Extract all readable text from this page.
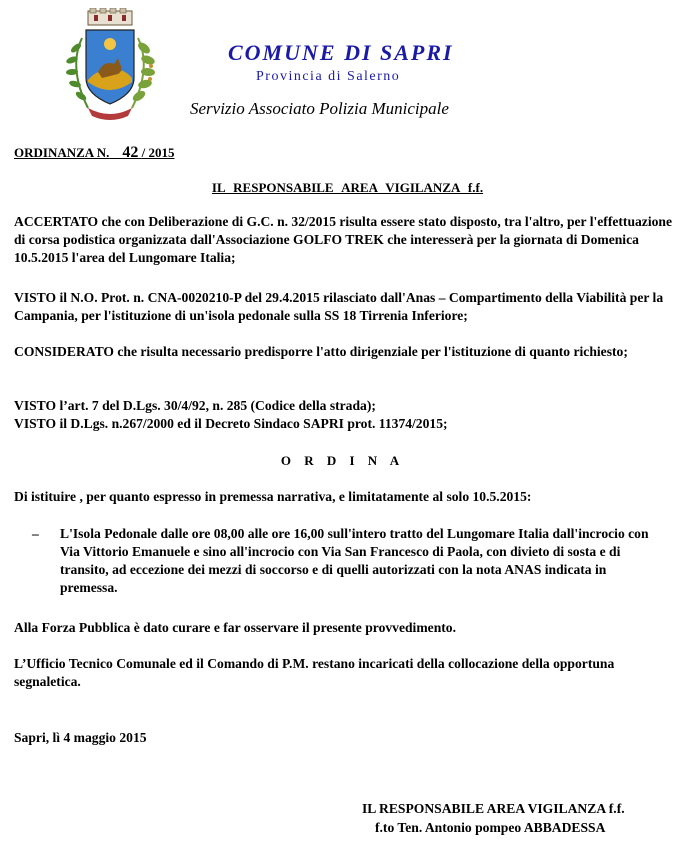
COMUNE DI SAPRI
Provincia di Salerno
Servizio Associato Polizia Municipale
ORDINANZA N.  _42 / 2015
IL RESPONSABILE AREA VIGILANZA f.f.

ACCERTATO che con Deliberazione di G.C. n. 32/2015 risulta essere stato disposto, tra l'altro, per l'effettuazione di corsa podistica organizzata dall'Associazione GOLFO TREK che interesserà per la giornata di Domenica 10.5.2015 l'area del Lungomare Italia;

VISTO il N.O. Prot. n. CNA-0020210-P del 29.4.2015 rilasciato dall'Anas – Compartimento della Viabilità per la Campania, per l'istituzione di un'isola pedonale sulla SS 18 Tirrenia Inferiore;

CONSIDERATO che risulta necessario predisporre l'atto dirigenziale per l'istituzione di quanto richiesto;

VISTO l’art. 7 del D.Lgs. 30/4/92, n. 285 (Codice della strada);

VISTO il D.Lgs. n.267/2000 ed il Decreto Sindaco SAPRI prot. 11374/2015;

O R D I N A

Di istituire , per quanto espresso in premessa narrativa, e limitatamente al solo 10.5.2015:

– L'Isola Pedonale dalle ore 08,00 alle ore 16,00 sull'intero tratto del Lungomare Italia dall'incrocio con Via Vittorio Emanuele e sino all'incrocio con Via San Francesco di Paola, con divieto di sosta e di transito, ad eccezione dei mezzi di soccorso e di quelli autorizzati con la nota ANAS indicata in premessa.

Alla Forza Pubblica è dato curare e far osservare il presente provvedimento.

L’Ufficio Tecnico Comunale ed il Comando di P.M. restano incaricati della collocazione della opportuna segnaletica.

Sapri, lì 4 maggio 2015

IL RESPONSABILE AREA VIGILANZA f.f.
f.to Ten. Antonio pompeo ABBADESSA
